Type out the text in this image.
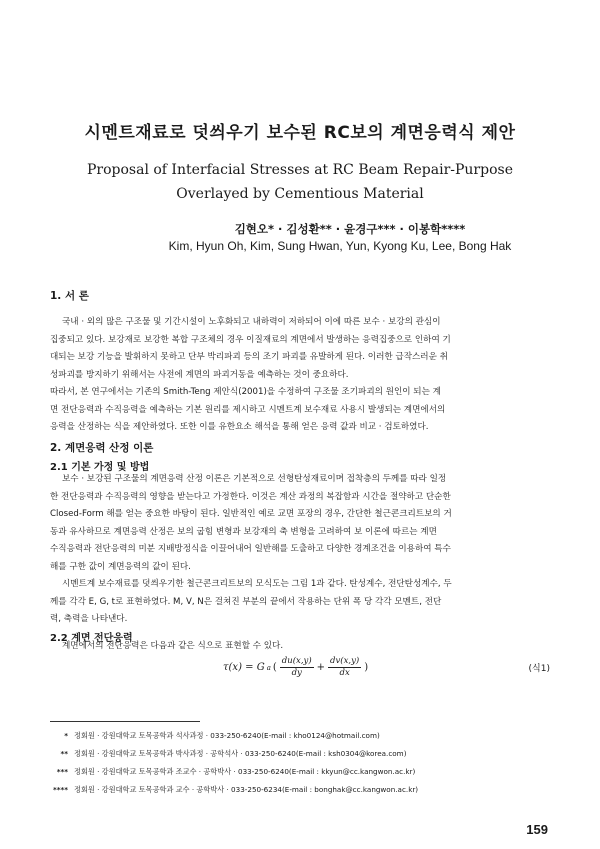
시멘트재료로 덧씌우기 보수된 RC보의 계면응력식 제안
Proposal of Interfacial Stresses at RC Beam Repair-Purpose
Overlayed by Cementious Material
김현오* · 김성환** · 윤경구*** · 이봉학****
Kim, Hyun Oh, Kim, Sung Hwan, Yun, Kyong Ku, Lee, Bong Hak
1. 서 론

국내 · 외의 많은 구조물 및 기간시설이 노후화되고 내하력이 저하되어 이에 따른 보수 · 보강의 관심이

집중되고 있다. 보강재로 보강한 복합 구조체의 경우 이질재료의 계면에서 발생하는 응력집중으로 인하여 기

대되는 보강 기능을 발휘하지 못하고 단부 박리파괴 등의 조기 파괴를 유발하게 된다. 이러한 급작스러운 취

성파괴를 방지하기 위해서는 사전에 계면의 파괴거동을 예측하는 것이 중요하다.

따라서, 본 연구에서는 기존의 Smith-Teng 제안식(2001)을 수정하여 구조물 조기파괴의 원인이 되는 계

면 전단응력과 수직응력을 예측하는 기본 원리를 제시하고 시멘트계 보수재료 사용시 발생되는 계면에서의

응력을 산정하는 식을 제안하였다. 또한 이를 유한요소 해석을 통해 얻은 응력 값과 비교 · 검토하였다.

2. 계면응력 산정 이론
2.1 기본 가정 및 방법

보수 · 보강된 구조물의 계면응력 산정 이론은 기본적으로 선형탄성재료이며 접착층의 두께를 따라 일정

한 전단응력과 수직응력의 영향을 받는다고 가정한다. 이것은 계산 과정의 복잡함과 시간을 절약하고 단순한

Closed-Form 해를 얻는 중요한 바탕이 된다. 일반적인 예로 교면 포장의 경우, 간단한 철근콘크리트보의 거

동과 유사하므로 계면응력 산정은 보의 굽힘 변형과 보강재의 축 변형을 고려하여 보 이론에 따르는 계면

수직응력과 전단응력의 미분 지배방정식을 이끌어내어 일반해를 도출하고 다양한 경계조건을 이용하여 특수

해를 구한 값이 계면응력의 값이 된다.

시멘트계 보수재료를 덧씌우기한 철근콘크리트보의 모식도는 그림 1과 같다. 탄성계수, 전단탄성계수, 두

께를 각각 E, G, t로 표현하였다. M, V, N은 걸쳐진 부분의 끝에서 작용하는 단위 폭 당 각각 모멘트, 전단

력, 축력을 나타낸다.

2.2 계면 전단응력

계면에서의 전단응력은 다음과 같은 식으로 표현할 수 있다.

τ(x) = G a ( $\frac{du(x,y)}{dy} + \frac{dv(x,y)}{dx}$ )	(식1)
* 정회원 · 강원대학교 토목공학과 석사과정 · 033-250-6240(E-mail : kho0124@hotmail.com)
** 정회원 · 강원대학교 토목공학과 박사과정 · 공학석사 · 033-250-6240(E-mail : ksh0304@korea.com)
*** 정회원 · 강원대학교 토목공학과 조교수 · 공학박사 · 033-250-6240(E-mail : kkyun@cc.kangwon.ac.kr)
**** 정회원 · 강원대학교 토목공학과 교수 · 공학박사 · 033-250-6234(E-mail : bonghak@cc.kangwon.ac.kr)
159
